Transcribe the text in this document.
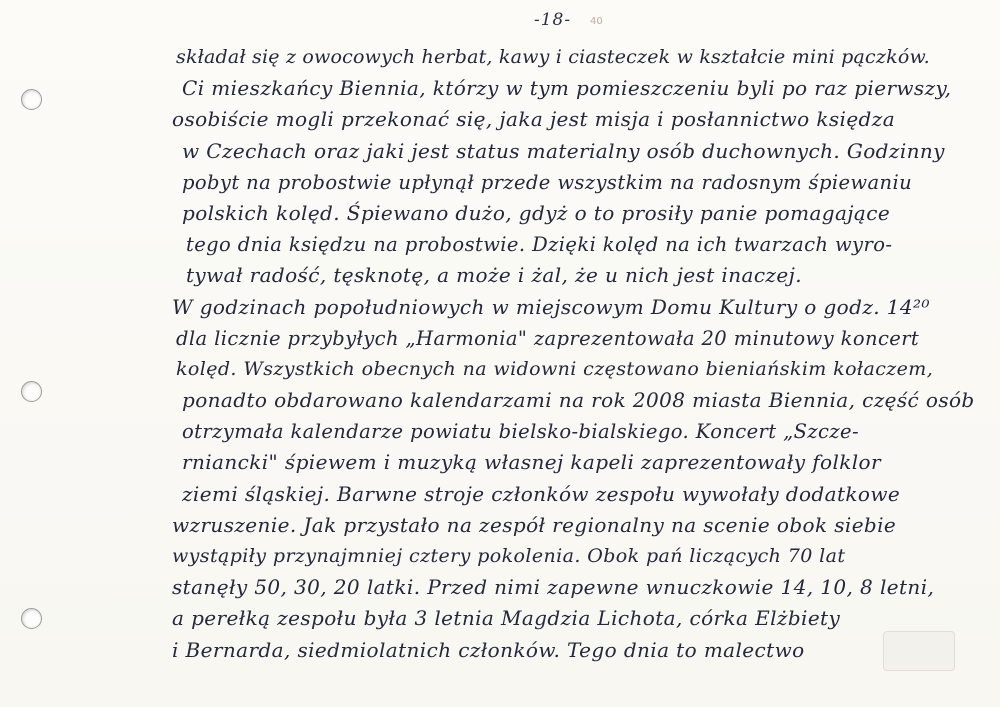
-18- 40
składał się z owocowych herbat, kawy i ciasteczek w kształcie mini pączków.
Ci mieszkańcy Biennia, którzy w tym pomieszczeniu byli po raz pierwszy,
osobiście mogli przekonać się, jaka jest misja i posłannictwo księdza
w Czechach oraz jaki jest status materialny osób duchownych. Godzinny
pobyt na probostwie upłynął przede wszystkim na radosnym śpiewaniu
polskich kolęd. Śpiewano dużo, gdyż o to prosiły panie pomagające
tego dnia księdzu na probostwie. Dzięki kolęd na ich twarzach wyro-
tywał radość, tęsknotę, a może i żal, że u nich jest inaczej.
W godzinach popołudniowych w miejscowym Domu Kultury o godz. 14²⁰
dla licznie przybyłych „Harmonia" zaprezentowała 20 minutowy koncert
kolęd. Wszystkich obecnych na widowni częstowano bieniańskim kołaczem,
ponadto obdarowano kalendarzami na rok 2008 miasta Biennia, część osób
otrzymała kalendarze powiatu bielsko-bialskiego. Koncert „Szcze-
rniancki" śpiewem i muzyką własnej kapeli zaprezentowały folklor
ziemi śląskiej. Barwne stroje członków zespołu wywołały dodatkowe
wzruszenie. Jak przystało na zespół regionalny na scenie obok siebie
wystąpiły przynajmniej cztery pokolenia. Obok pań liczących 70 lat
stanęły 50, 30, 20 latki. Przed nimi zapewne wnuczkowie 14, 10, 8 letni,
a perełką zespołu była 3 letnia Magdzia Lichota, córka Elżbiety
i Bernarda, siedmiolatnich członków. Tego dnia to malectwo
